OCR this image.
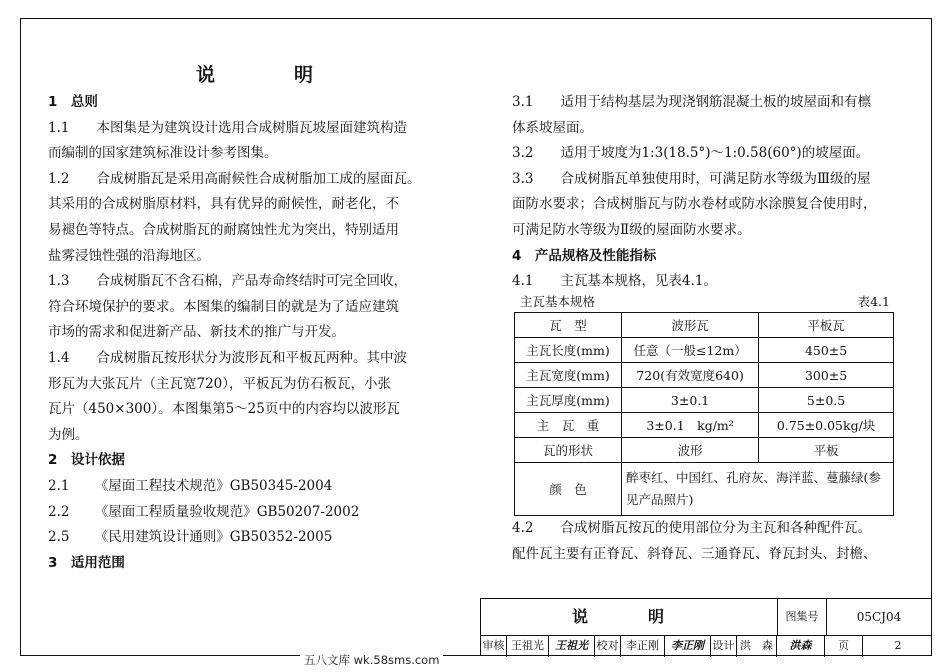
说　明
1　总则

1.1　　本图集是为建筑设计选用合成树脂瓦坡屋面建筑构造
而编制的国家建筑标准设计参考图集。

1.2　　合成树脂瓦是采用高耐候性合成树脂加工成的屋面瓦。
其采用的合成树脂原材料，具有优异的耐候性，耐老化，不
易褪色等特点。合成树脂瓦的耐腐蚀性尤为突出，特别适用
盐雾浸蚀性强的沿海地区。

1.3　　合成树脂瓦不含石棉，产品寿命终结时可完全回收，
符合环境保护的要求。本图集的编制目的就是为了适应建筑
市场的需求和促进新产品、新技术的推广与开发。

1.4　　合成树脂瓦按形状分为波形瓦和平板瓦两种。其中波
形瓦为大张瓦片（主瓦宽720），平板瓦为仿石板瓦，小张
瓦片（450×300）。本图集第5～25页中的内容均以波形瓦
为例。

2　设计依据
2.1　 《屋面工程技术规范》GB50345-2004
2.2　 《屋面工程质量验收规范》GB50207-2002
2.5　 《民用建筑设计通则》GB50352-2005
3　适用范围

3.1　　适用于结构基层为现浇钢筋混凝土板的坡屋面和有檩
体系坡屋面。

3.2　　适用于坡度为1:3(18.5°)～1:0.58(60°)的坡屋面。

3.3　　合成树脂瓦单独使用时，可满足防水等级为Ⅲ级的屋
面防水要求；合成树脂瓦与防水卷材或防水涂膜复合使用时，
可满足防水等级为Ⅱ级的屋面防水要求。

4　产品规格及性能指标

4.1　　主瓦基本规格，见表4.1。

主瓦基本规格	表4.1
瓦　型	波形瓦	平板瓦
主瓦长度(mm)	任意（一般≤12m）	450±5
主瓦宽度(mm)	720(有效宽度640)	300±5
主瓦厚度(mm)	3±0.1	5±0.5
主　瓦　重	3±0.1　kg/m²	0.75±0.05kg/块
瓦的形状	波形	平板
颜　色	醉枣红、中国红、孔府灰、海洋蓝、蔓藤绿(参见产品照片)	

4.2　　合成树脂瓦按瓦的使用部位分为主瓦和各种配件瓦。
配件瓦主要有正脊瓦、斜脊瓦、三通脊瓦、脊瓦封头、封檐、

说　明	图集号	05CJ04
审核 王祖光	王祖光 校对 李正刚	李正刚 设计 洪　森	洪森	页	2
五八文库 wk.58sms.com
